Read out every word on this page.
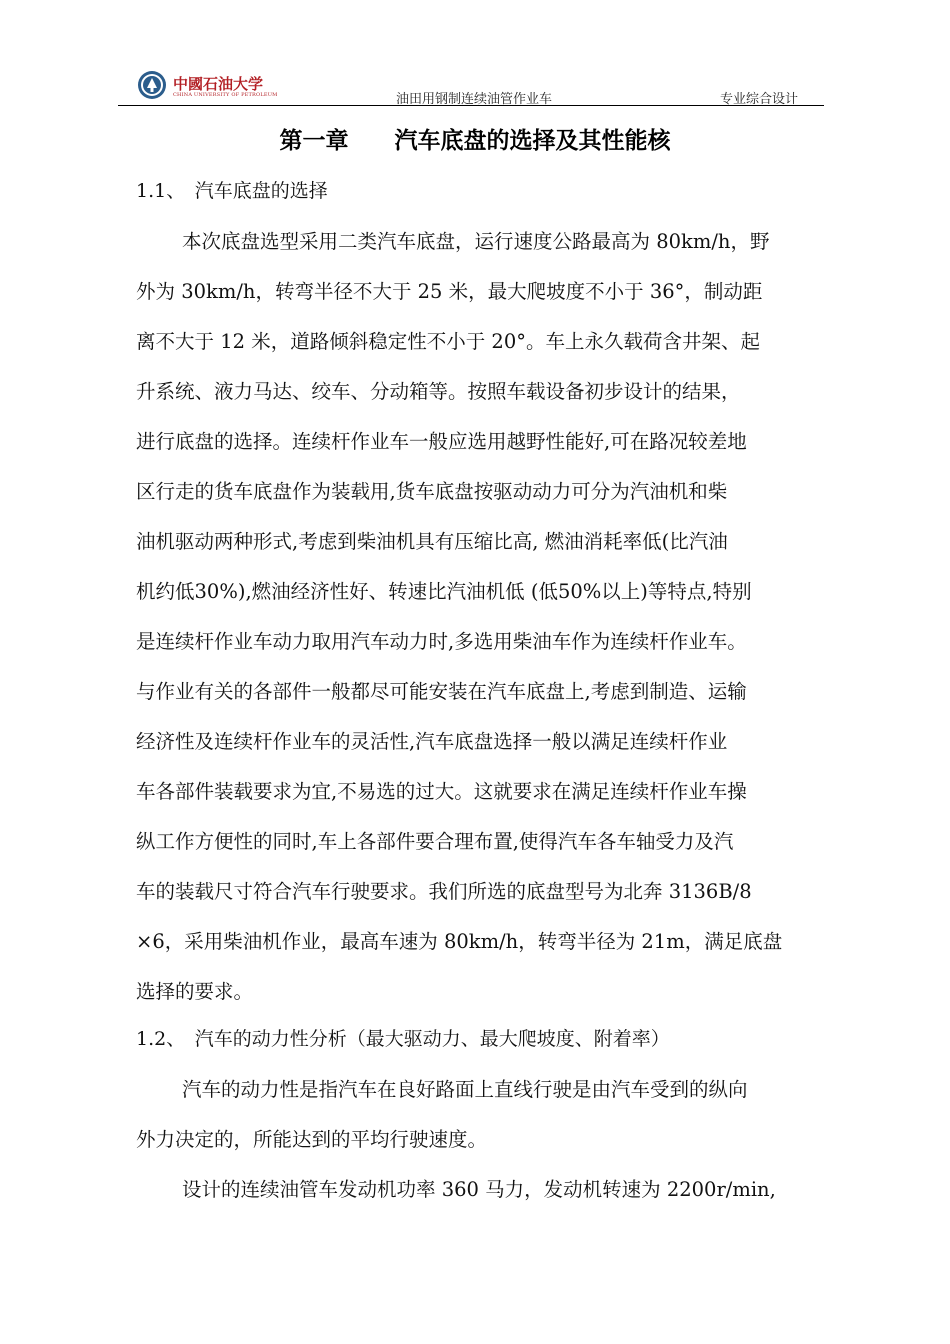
中國石油大学
CHINA UNIVERSITY OF PETROLEUM	油田用钢制连续油管作业车	专业综合设计
第一章　　汽车底盘的选择及其性能核
1.1、　汽车底盘的选择
本次底盘选型采用二类汽车底盘，运行速度公路最高为 80km/h，野
外为 30km/h，转弯半径不大于 25 米，最大爬坡度不小于 36°，制动距
离不大于 12 米，道路倾斜稳定性不小于 20°。车上永久载荷含井架、起
升系统、液力马达、绞车、分动箱等。按照车载设备初步设计的结果，
进行底盘的选择。连续杆作业车一般应选用越野性能好,可在路况较差地
区行走的货车底盘作为装载用,货车底盘按驱动动力可分为汽油机和柴
油机驱动两种形式,考虑到柴油机具有压缩比高, 燃油消耗率低(比汽油
机约低30%),燃油经济性好、转速比汽油机低 (低50%以上)等特点,特别
是连续杆作业车动力取用汽车动力时,多选用柴油车作为连续杆作业车。
与作业有关的各部件一般都尽可能安装在汽车底盘上,考虑到制造、运输
经济性及连续杆作业车的灵活性,汽车底盘选择一般以满足连续杆作业
车各部件装载要求为宜,不易选的过大。这就要求在满足连续杆作业车操
纵工作方便性的同时,车上各部件要合理布置,使得汽车各车轴受力及汽
车的装载尺寸符合汽车行驶要求。我们所选的底盘型号为北奔 3136B/8
×6，采用柴油机作业，最高车速为 80km/h，转弯半径为 21m，满足底盘
选择的要求。
1.2、　汽车的动力性分析（最大驱动力、最大爬坡度、附着率）
汽车的动力性是指汽车在良好路面上直线行驶是由汽车受到的纵向
外力决定的，所能达到的平均行驶速度。
设计的连续油管车发动机功率 360 马力，发动机转速为 2200r/min,
